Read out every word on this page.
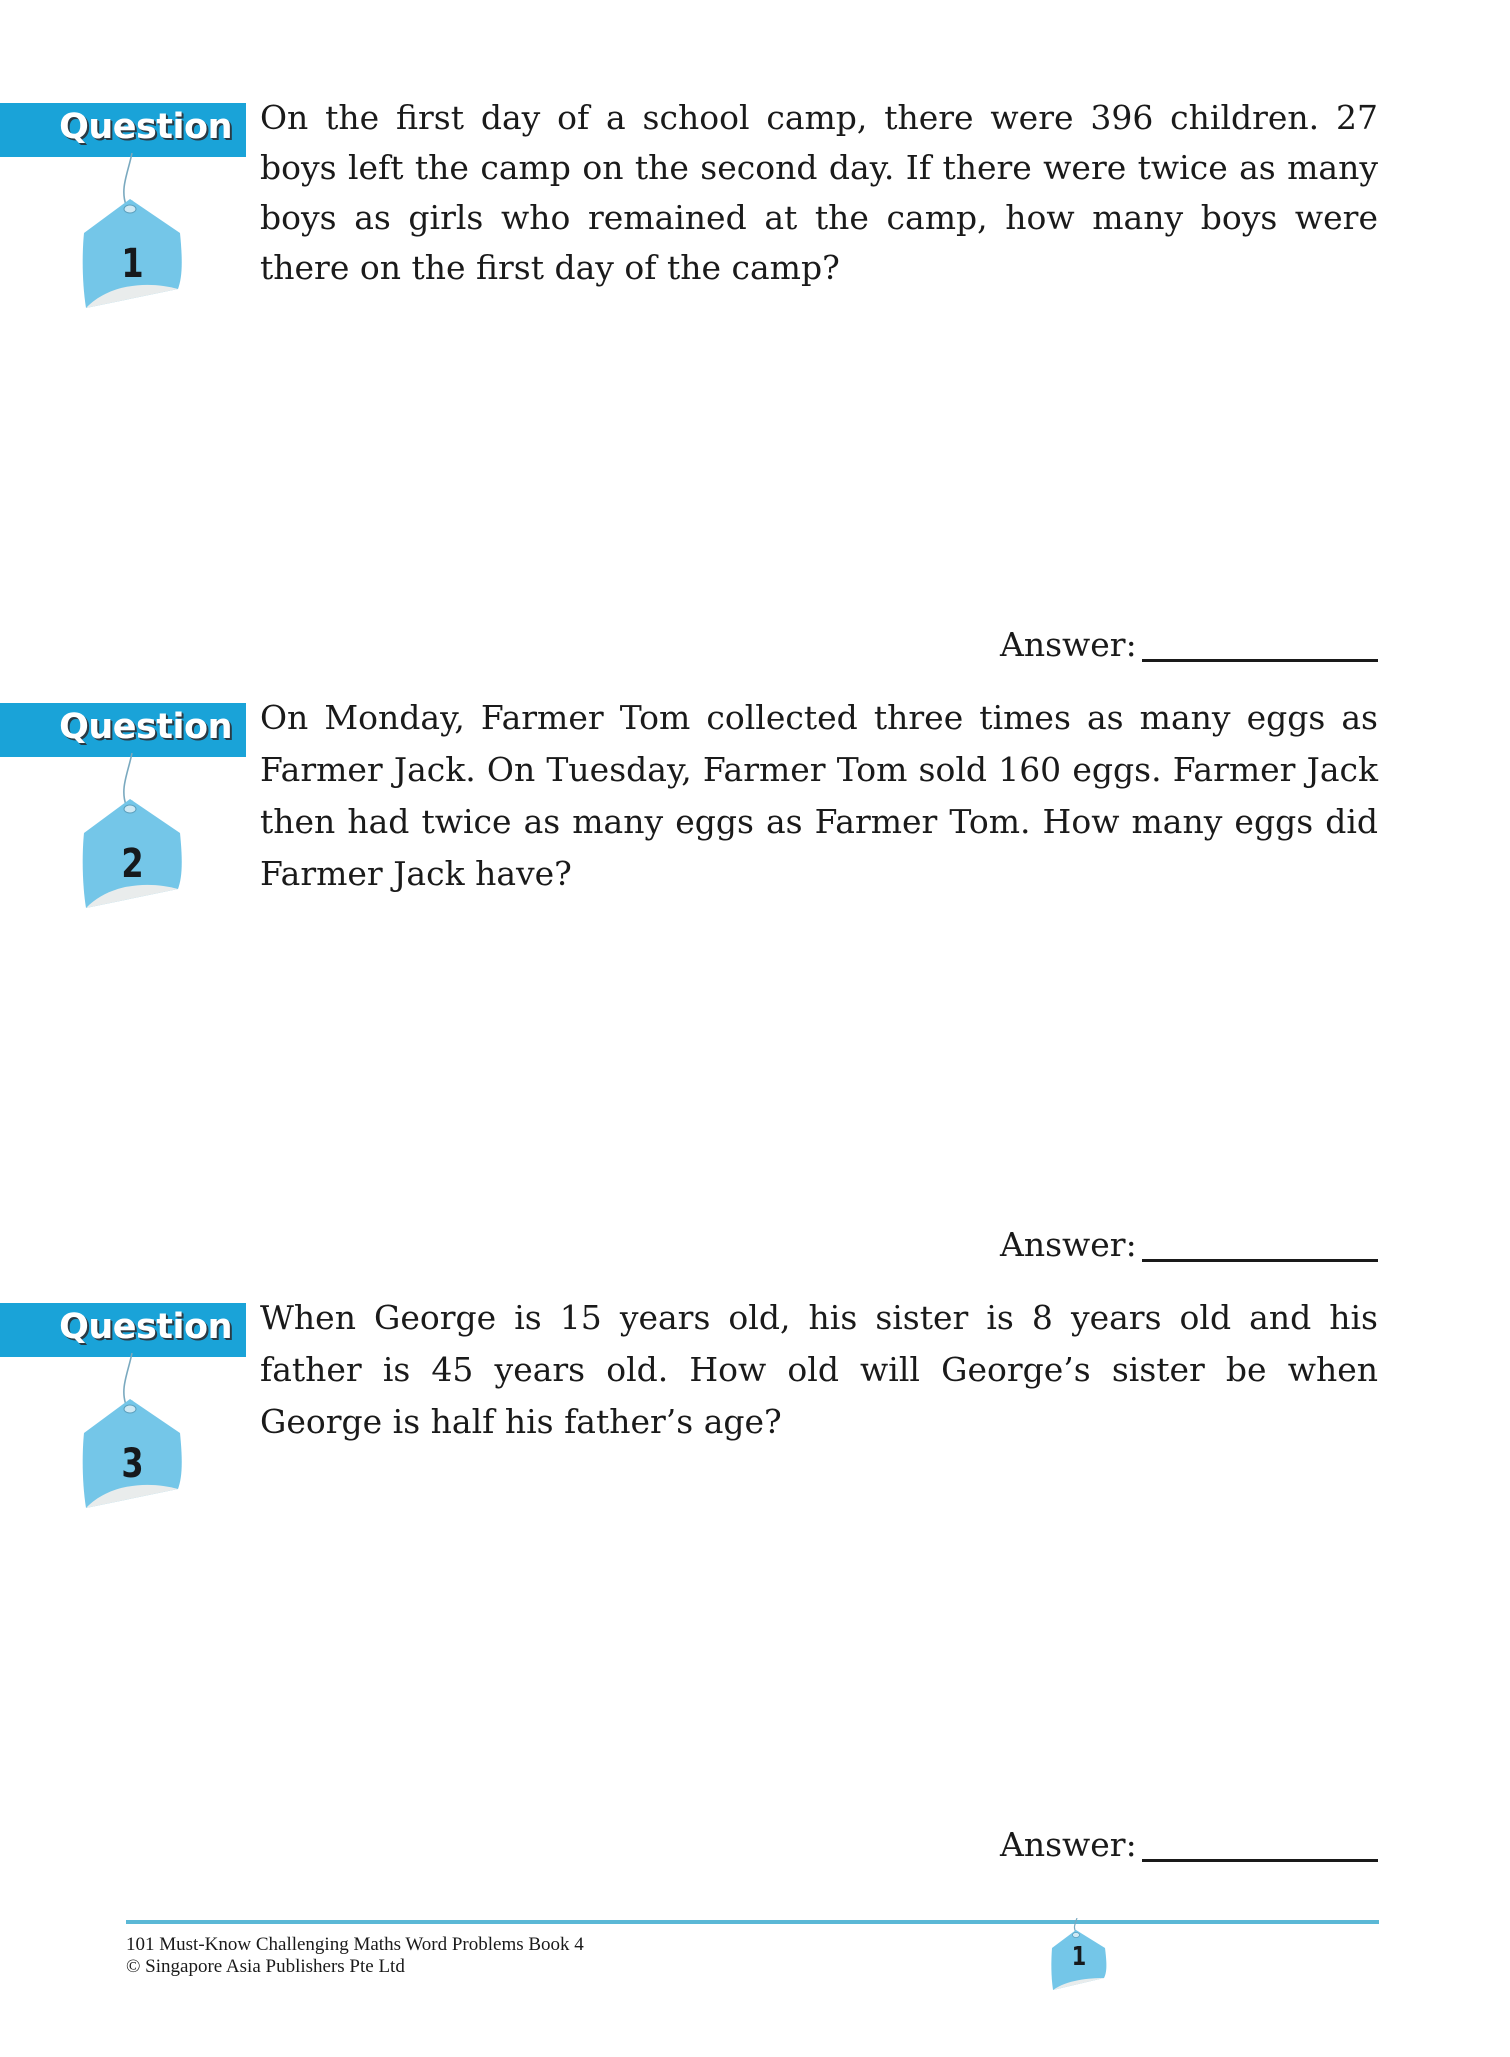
Question
1

On the first day of a school camp, there were 396 children. 27 boys left the camp on the second day. If there were twice as many boys as girls who remained at the camp, how many boys were there on the first day of the camp?

Answer:
Question
2

On Monday, Farmer Tom collected three times as many eggs as Farmer Jack. On Tuesday, Farmer Tom sold 160 eggs. Farmer Jack then had twice as many eggs as Farmer Tom. How many eggs did Farmer Jack have?

Answer:
Question
3

When George is 15 years old, his sister is 8 years old and his father is 45 years old. How old will George’s sister be when George is half his father’s age?

Answer:
101 Must-Know Challenging Maths Word Problems Book 4
© Singapore Asia Publishers Pte Ltd	1
